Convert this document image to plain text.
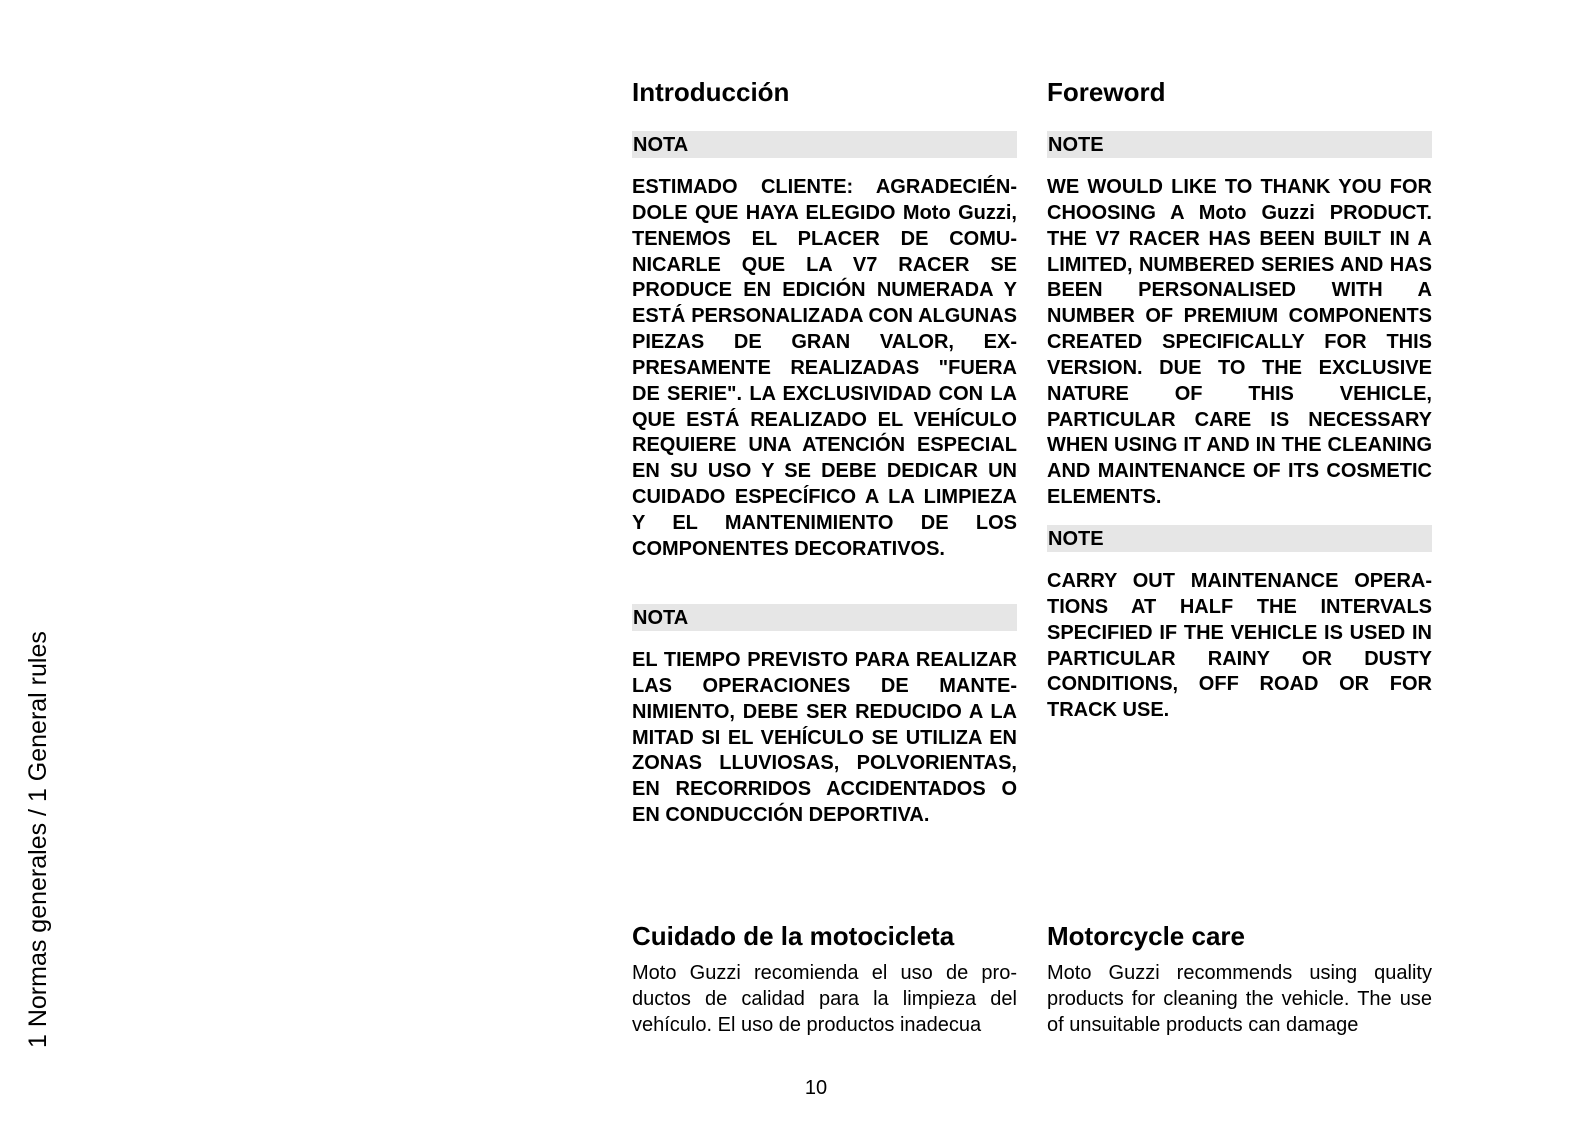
1 Normas generales / 1 General rules
Introducción
NOTA

ESTIMADO CLIENTE: AGRADECIÉNDOLE QUE HAYA ELEGIDO Moto Guzzi, TENEMOS EL PLACER DE COMUNICARLE QUE LA V7 RACER SE PRODUCE EN EDICIÓN NUMERADA Y ESTÁ PERSONALIZADA CON ALGUNAS PIEZAS DE GRAN VALOR, EXPRESAMENTE REALIZADAS "FUERA DE SERIE". LA EXCLUSIVIDAD CON LA QUE ESTÁ REALIZADO EL VEHÍCULO REQUIERE UNA ATENCIÓN ESPECIAL EN SU USO Y SE DEBE DEDICAR UN CUIDADO ESPECÍFICO A LA LIMPIEZA Y EL MANTENIMIENTO DE LOS COMPONENTES DECORATIVOS.

NOTA

EL TIEMPO PREVISTO PARA REALIZAR LAS OPERACIONES DE MANTENIMIENTO, DEBE SER REDUCIDO A LA MITAD SI EL VEHÍCULO SE UTILIZA EN ZONAS LLUVIOSAS, POLVORIENTAS, EN RECORRIDOS ACCIDENTADOS O EN CONDUCCIÓN DEPORTIVA.

Cuidado de la motocicleta

Moto Guzzi recomienda el uso de productos de calidad para la limpieza del vehículo. El uso de productos inadecua

Foreword
NOTE

WE WOULD LIKE TO THANK YOU FOR CHOOSING A Moto Guzzi PRODUCT. THE V7 RACER HAS BEEN BUILT IN A LIMITED, NUMBERED SERIES AND HAS BEEN PERSONALISED WITH A NUMBER OF PREMIUM COMPONENTS CREATED SPECIFICALLY FOR THIS VERSION. DUE TO THE EXCLUSIVE NATURE OF THIS VEHICLE, PARTICULAR CARE IS NECESSARY WHEN USING IT AND IN THE CLEANING AND MAINTENANCE OF ITS COSMETIC ELEMENTS.

NOTE

CARRY OUT MAINTENANCE OPERATIONS AT HALF THE INTERVALS SPECIFIED IF THE VEHICLE IS USED IN PARTICULAR RAINY OR DUSTY CONDITIONS, OFF ROAD OR FOR TRACK USE.

Motorcycle care

Moto Guzzi recommends using quality products for cleaning the vehicle. The use of unsuitable products can damage

10
